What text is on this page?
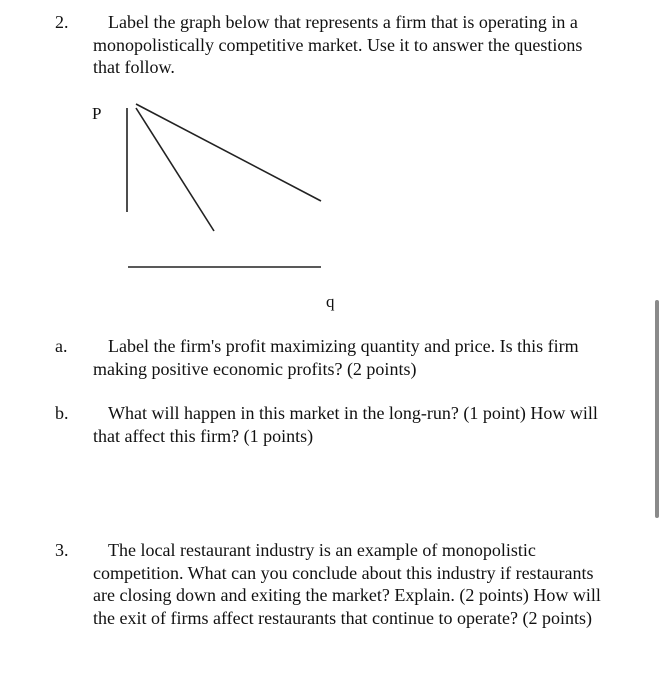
2.	Label the graph below that represents a firm that is operating in a monopolistically competitive market. Use it to answer the questions that follow.
P
q
a.	Label the firm's profit maximizing quantity and price. Is this firm making positive economic profits? (2 points)
b.	What will happen in this market in the long-run? (1 point) How will that affect this firm? (1 points)
3.	The local restaurant industry is an example of monopolistic competition. What can you conclude about this industry if restaurants are closing down and exiting the market? Explain. (2 points) How will the exit of firms affect restaurants that continue to operate? (2 points)
